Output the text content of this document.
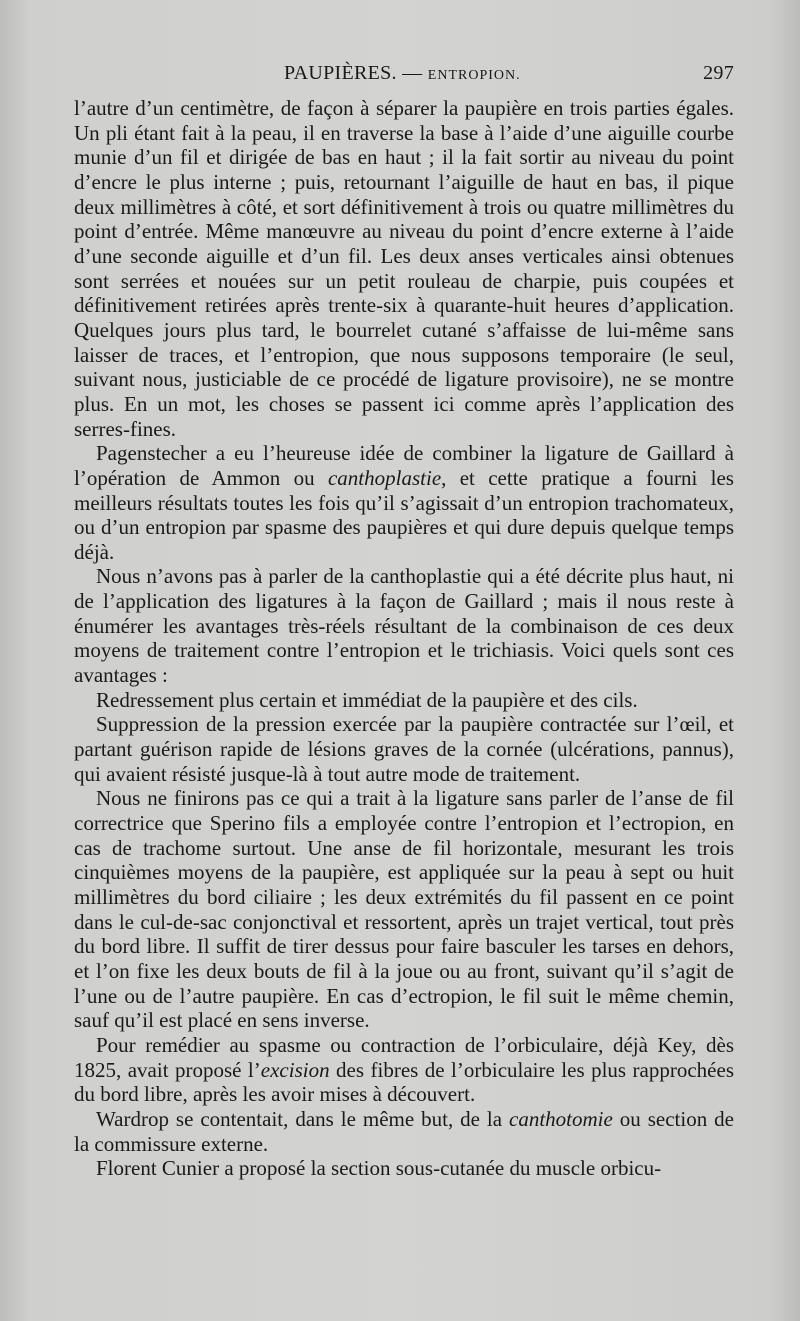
PAUPIÈRES. — ENTROPION.	297

l’autre d’un centimètre, de façon à séparer la paupière en trois parties égales. Un pli étant fait à la peau, il en traverse la base à l’aide d’une aiguille courbe munie d’un fil et dirigée de bas en haut ; il la fait sortir au niveau du point d’encre le plus interne ; puis, retournant l’aiguille de haut en bas, il pique deux millimètres à côté, et sort définitivement à trois ou quatre millimètres du point d’entrée. Même manœuvre au niveau du point d’encre externe à l’aide d’une seconde aiguille et d’un fil. Les deux anses verticales ainsi obtenues sont serrées et nouées sur un petit rouleau de charpie, puis coupées et définitivement retirées après trente-six à quarante-huit heures d’application. Quelques jours plus tard, le bourrelet cutané s’affaisse de lui-même sans laisser de traces, et l’entropion, que nous supposons temporaire (le seul, suivant nous, justiciable de ce procédé de ligature provisoire), ne se montre plus. En un mot, les choses se passent ici comme après l’application des serres-fines.

Pagenstecher a eu l’heureuse idée de combiner la ligature de Gaillard à l’opération de Ammon ou canthoplastie, et cette pratique a fourni les meilleurs résultats toutes les fois qu’il s’agissait d’un entropion trachomateux, ou d’un entropion par spasme des paupières et qui dure depuis quelque temps déjà.

Nous n’avons pas à parler de la canthoplastie qui a été décrite plus haut, ni de l’application des ligatures à la façon de Gaillard ; mais il nous reste à énumérer les avantages très-réels résultant de la combinaison de ces deux moyens de traitement contre l’entropion et le trichiasis. Voici quels sont ces avantages :

Redressement plus certain et immédiat de la paupière et des cils.

Suppression de la pression exercée par la paupière contractée sur l’œil, et partant guérison rapide de lésions graves de la cornée (ulcérations, pannus), qui avaient résisté jusque-là à tout autre mode de traitement.

Nous ne finirons pas ce qui a trait à la ligature sans parler de l’anse de fil correctrice que Sperino fils a employée contre l’entropion et l’ectropion, en cas de trachome surtout. Une anse de fil horizontale, mesurant les trois cinquièmes moyens de la paupière, est appliquée sur la peau à sept ou huit millimètres du bord ciliaire ; les deux extrémités du fil passent en ce point dans le cul-de-sac conjonctival et ressortent, après un trajet vertical, tout près du bord libre. Il suffit de tirer dessus pour faire basculer les tarses en dehors, et l’on fixe les deux bouts de fil à la joue ou au front, suivant qu’il s’agit de l’une ou de l’autre paupière. En cas d’ectropion, le fil suit le même chemin, sauf qu’il est placé en sens inverse.

Pour remédier au spasme ou contraction de l’orbiculaire, déjà Key, dès 1825, avait proposé l’excision des fibres de l’orbiculaire les plus rapprochées du bord libre, après les avoir mises à découvert.

Wardrop se contentait, dans le même but, de la canthotomie ou section de la commissure externe.

Florent Cunier a proposé la section sous-cutanée du muscle orbicu-
